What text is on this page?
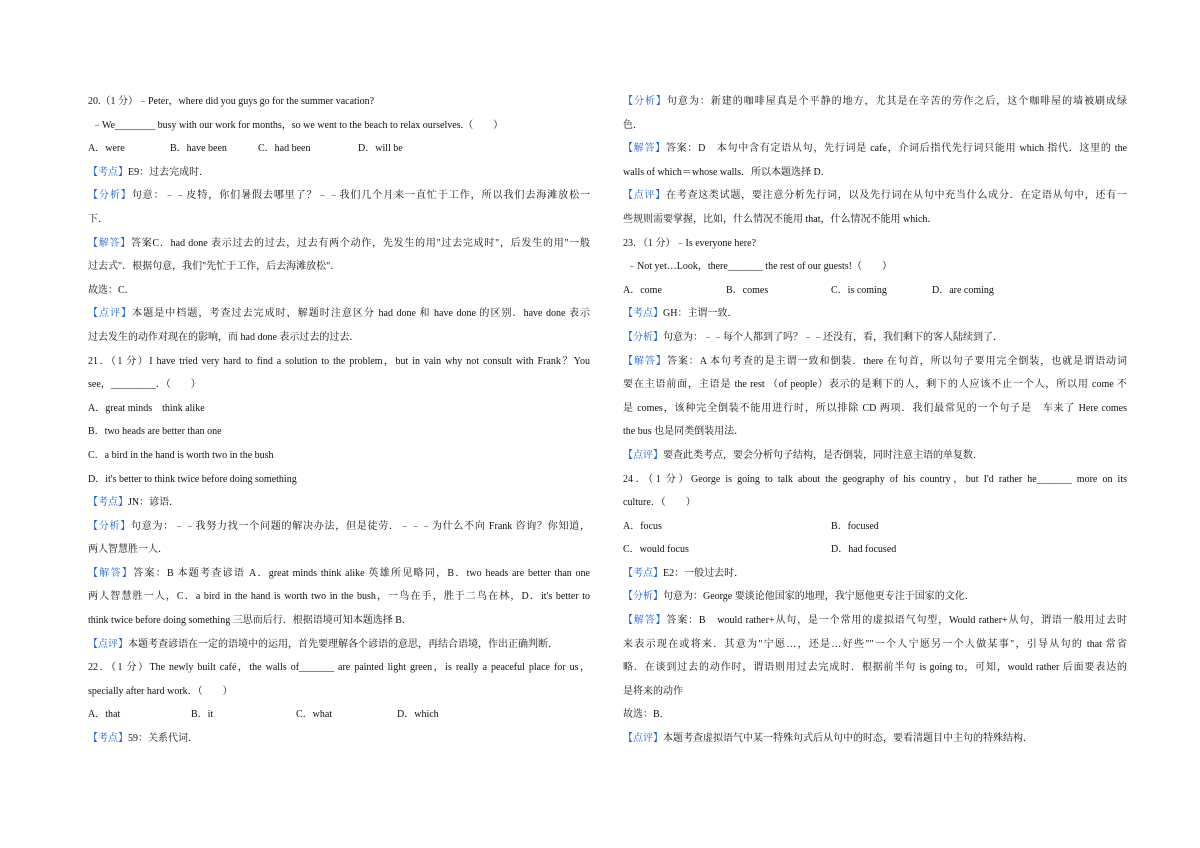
20.（1 分）﹣Peter，where did you guys go for the summer vacation?
﹣We________ busy with our work for months，so we went to the beach to relax ourselves.（　　）
A．were	B．have been	C．had been	D．will be
【考点】E9：过去完成时．
【分析】句意：﹣﹣皮特，你们暑假去哪里了？﹣﹣我们几个月来一直忙于工作，所以我们去海滩放松一
下．
【解答】答案C．had done 表示过去的过去，过去有两个动作，先发生的用"过去完成时"，后发生的用"一般
过去式"．根据句意，我们"先忙于工作，后去海滩放松"．
故选：C．
【点评】本题是中档题，考查过去完成时，解题时注意区分 had done 和 have done 的区别．have done 表示
过去发生的动作对现在的影响，而 had done 表示过去的过去．
21．（1 分）I have tried very hard to find a solution to the problem，but in vain why not consult with Frank？You
see，_________．（　　）
A．great minds　think alike
B．two heads are better than one
C．a bird in the hand is worth two in the bush
D．it's better to think twice before doing something
【考点】JN：谚语．
【分析】句意为：﹣﹣我努力找一个问题的解决办法，但是徒劳．﹣﹣﹣为什么不向 Frank 咨询？你知道，
两人智慧胜一人．
【解答】答案：B 本题考查谚语 A．great minds think alike 英雄所见略同，B．two heads are better than one
两人智慧胜一人，C．a bird in the hand is worth two in the bush，一鸟在手，胜于二鸟在林，D．it's better to
think twice before doing something 三思而后行．根据语境可知本题选择 B．
【点评】本题考查谚语在一定的语境中的运用，首先要理解各个谚语的意思，再结合语境，作出正确判断．
22．（1 分）The newly built café，the walls of_______ are painted light green，is really a peaceful place for us，
specially after hard work．（　　）
A．that	B．it	C．what	D．which
【考点】59：关系代词．
【分析】句意为：新建的咖啡屋真是个平静的地方，尤其是在辛苦的劳作之后，这个咖啡屋的墙被刷成绿
色．
【解答】答案：D　本句中含有定语从句，先行词是 cafe，介词后指代先行词只能用 which 指代．这里的 the
walls of which＝whose walls．所以本题选择 D．
【点评】在考查这类试题，要注意分析先行词，以及先行词在从句中充当什么成分．在定语从句中，还有一
些规则需要掌握，比如，什么情况不能用 that，什么情况不能用 which．
23．（1 分）﹣Is everyone here?
﹣Not yet…Look，there_______ the rest of our guests!（　　）
A．come	B．comes	C．is coming	D．are coming
【考点】GH：主谓一致．
【分析】句意为：﹣﹣每个人都到了吗？﹣﹣还没有，看，我们剩下的客人陆续到了．
【解答】答案：A 本句考查的是主谓一致和倒装．there 在句首，所以句子要用完全倒装，也就是谓语动词
要在主语前面，主语是 the rest （of people）表示的是剩下的人，剩下的人应该不止一个人，所以用 come 不
是 comes，该种完全倒装不能用进行时，所以排除 CD 两项．我们最常见的一个句子是　车来了 Here comes
the bus 也是同类倒装用法．
【点评】要查此类考点，要会分析句子结构，是否倒装，同时注意主语的单复数．
24．（1 分）George is going to talk about the geography of his country，but I'd rather he_______ more on its
culture．（　　）
A．focus	B．focused
C．would focus	D．had focused
【考点】E2：一般过去时．
【分析】句意为：George 要谈论他国家的地理，我宁愿他更专注于国家的文化．
【解答】答案：B　would rather+从句，是一个常用的虚拟语气句型，Would rather+从句，谓语一般用过去时
来表示现在或将来．其意为"宁愿…，还是…好些""一个人宁愿另一个人做某事"，引导从句的 that 常省
略．在谈到过去的动作时，谓语则用过去完成时．根据前半句 is going to，可知，would rather 后面要表达的
是将来的动作
故选：B．
【点评】本题考查虚拟语气中某一特殊句式后从句中的时态，要看清题目中主句的特殊结构．
